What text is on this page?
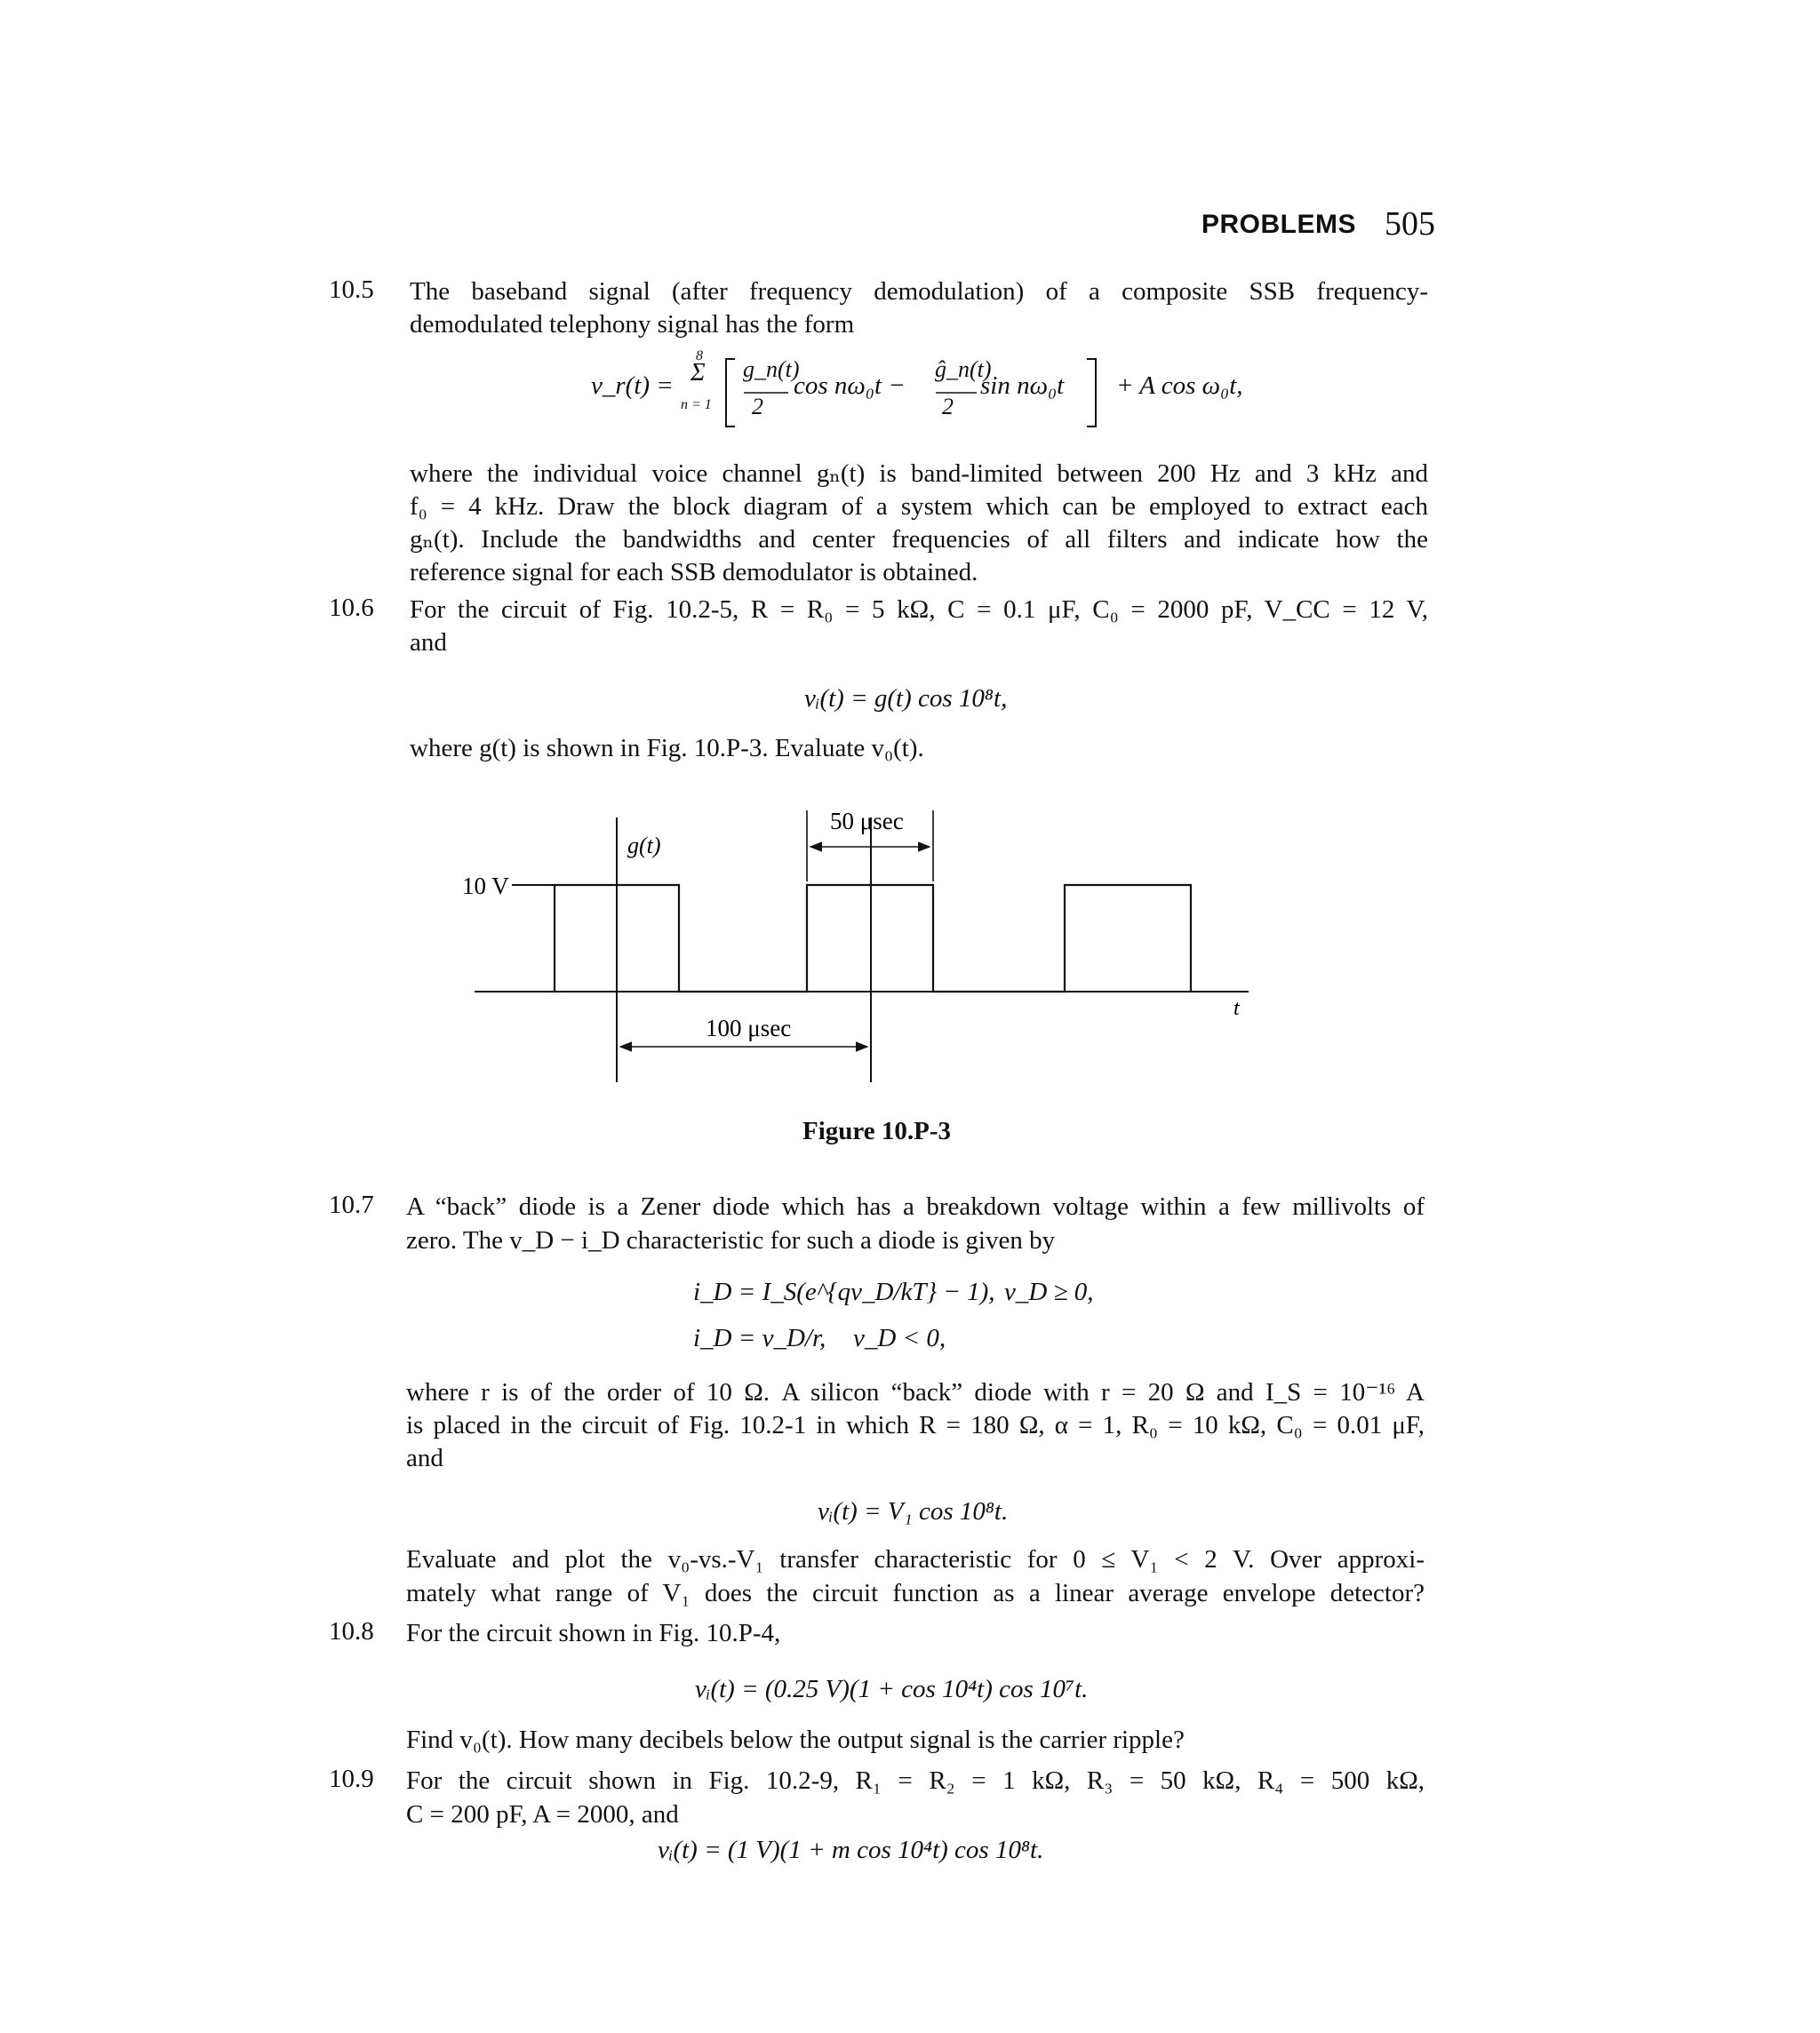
PROBLEMS 505
10.5 The baseband signal (after frequency demodulation) of a composite SSB frequency-
demodulated telephony signal has the form
v_r(t) = Σ
8
n = 1
g_n(t)
2
cos nω₀t −
ĝ_n(t)
2
sin nω₀t + A cos ω₀t,
where the individual voice channel gₙ(t) is band-limited between 200 Hz and 3 kHz and
f₀ = 4 kHz. Draw the block diagram of a system which can be employed to extract each
gₙ(t). Include the bandwidths and center frequencies of all filters and indicate how the
reference signal for each SSB demodulator is obtained.
10.6 For the circuit of Fig. 10.2-5, R = R₀ = 5 kΩ, C = 0.1 μF, C₀ = 2000 pF, V_CC = 12 V,
and
vᵢ(t) = g(t) cos 10⁸t,
where g(t) is shown in Fig. 10.P-3. Evaluate v₀(t).
g(t)
10 V
t
50 μsec
100 μsec
Figure 10.P-3
10.7 A “back” diode is a Zener diode which has a breakdown voltage within a few millivolts of
zero. The v_D − i_D characteristic for such a diode is given by
i_D = I_S(e^{qv_D/kT} − 1), v_D ≥ 0,
i_D = v_D/r, v_D < 0,
where r is of the order of 10 Ω. A silicon “back” diode with r = 20 Ω and I_S = 10⁻¹⁶ A
is placed in the circuit of Fig. 10.2-1 in which R = 180 Ω, α = 1, R₀ = 10 kΩ, C₀ = 0.01 μF,
and
vᵢ(t) = V₁ cos 10⁸t.
Evaluate and plot the v₀-vs.-V₁ transfer characteristic for 0 ≤ V₁ < 2 V. Over approxi-
mately what range of V₁ does the circuit function as a linear average envelope detector?
10.8 For the circuit shown in Fig. 10.P-4,
vᵢ(t) = (0.25 V)(1 + cos 10⁴t) cos 10⁷t.
Find v₀(t). How many decibels below the output signal is the carrier ripple?
10.9 For the circuit shown in Fig. 10.2-9, R₁ = R₂ = 1 kΩ, R₃ = 50 kΩ, R₄ = 500 kΩ,
C = 200 pF, A = 2000, and
vᵢ(t) = (1 V)(1 + m cos 10⁴t) cos 10⁸t.
